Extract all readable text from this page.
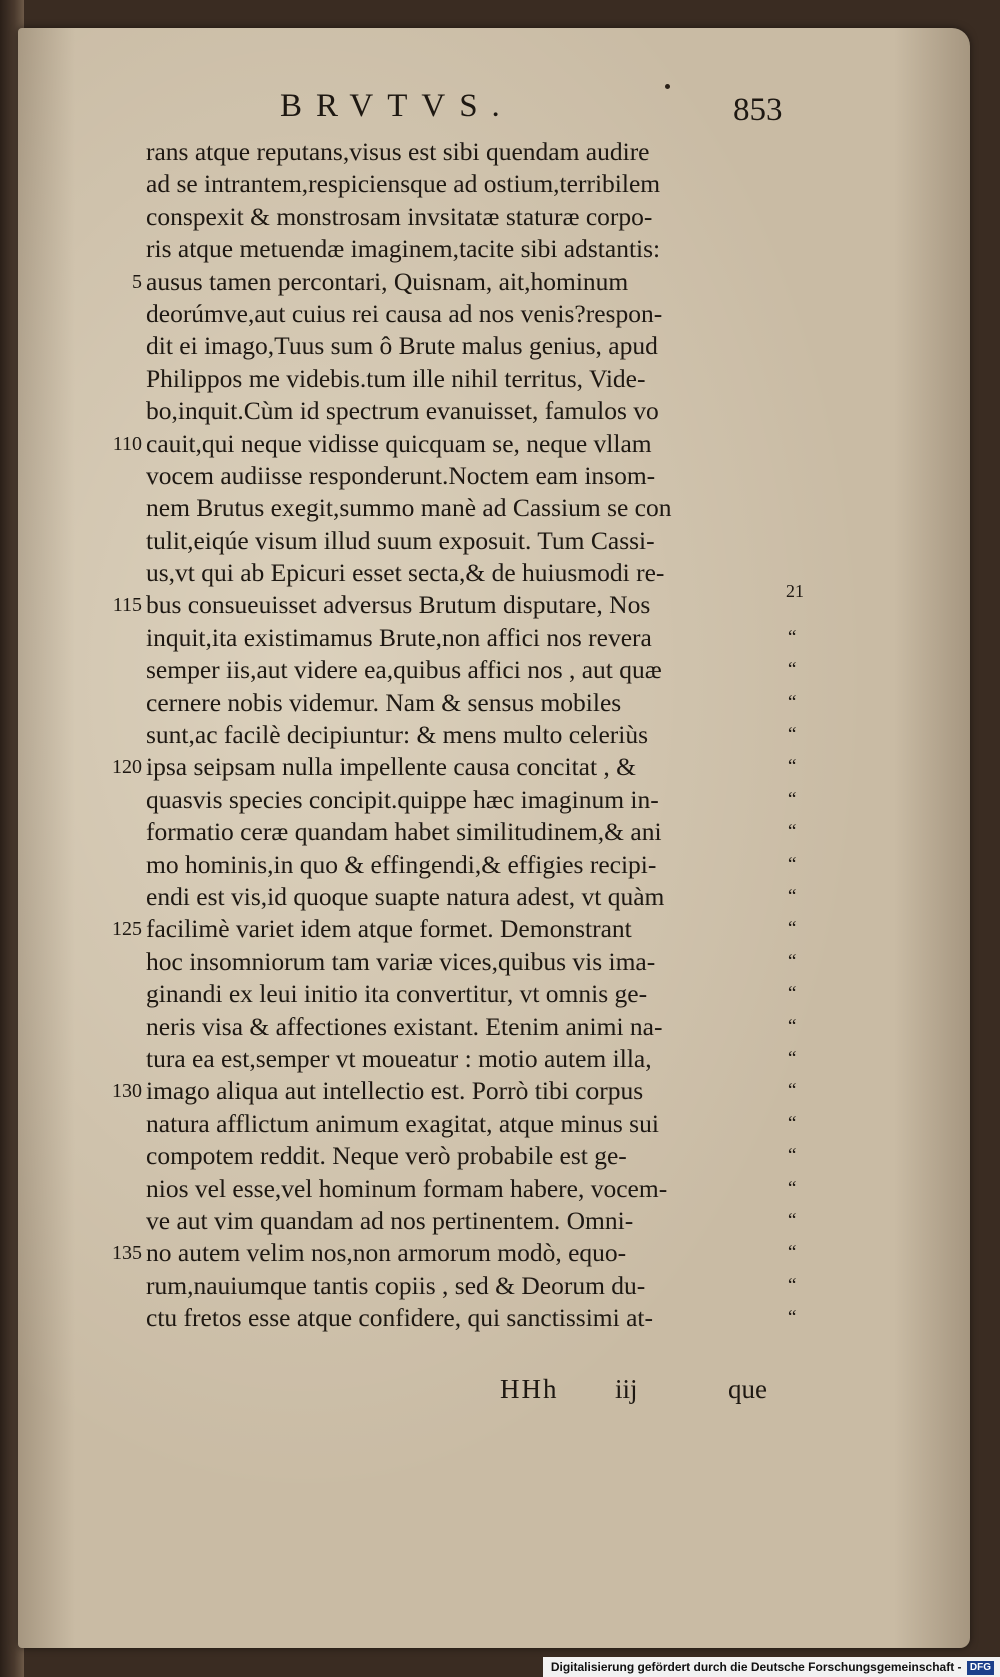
BRVTVS.	853
rans atque reputans,visus est sibi quendam audire
ad se intrantem,respiciensque ad ostium,terribilem
conspexit & monstrosam invsitatæ staturæ corpo-
ris atque metuendæ imaginem,tacite sibi adstantis:
ausus tamen percontari, Quisnam, ait,hominum
5
deorúmve,aut cuius rei causa ad nos venis?respon-
dit ei imago,Tuus sum ô Brute malus genius, apud
Philippos me videbis.tum ille nihil territus, Vide-
bo,inquit.Cùm id spectrum evanuisset, famulos vo
cauit,qui neque vidisse quicquam se, neque vllam
110
vocem audiisse responderunt.Noctem eam insom-
nem Brutus exegit,summo manè ad Cassium se con
tulit,eiqúe visum illud suum exposuit. Tum Cassi-
us,vt qui ab Epicuri esset secta,& de huiusmodi re-
bus consueuisset adversus Brutum disputare, Nos
115
21
inquit,ita existimamus Brute,non affici nos revera	“
semper iis,aut videre ea,quibus affici nos , aut quæ	“
cernere nobis videmur. Nam & sensus mobiles	“
sunt,ac facilè decipiuntur: & mens multo celeriùs	“
ipsa seipsam nulla impellente causa concitat , &
120	“
quasvis species concipit.quippe hæc imaginum in-	“
formatio ceræ quandam habet similitudinem,& ani	“
mo hominis,in quo & effingendi,& effigies recipi-	“
endi est vis,id quoque suapte natura adest, vt quàm	“
facilimè variet idem atque formet. Demonstrant
125	“
hoc insomniorum tam variæ vices,quibus vis ima-	“
ginandi ex leui initio ita convertitur, vt omnis ge-	“
neris visa & affectiones existant. Etenim animi na-	“
tura ea est,semper vt moueatur : motio autem illa,	“
imago aliqua aut intellectio est. Porrò tibi corpus
130	“
natura afflictum animum exagitat, atque minus sui	“
compotem reddit. Neque verò probabile est ge-	“
nios vel esse,vel hominum formam habere, vocem-	“
ve aut vim quandam ad nos pertinentem. Omni-	“
no autem velim nos,non armorum modò, equo-
135	“
rum,nauiumque tantis copiis , sed & Deorum du-	“
ctu fretos esse atque confidere, qui sanctissimi at-	“
HHh iij	que
Digitalisierung gefördert durch die Deutsche Forschungsgemeinschaft - DFG
